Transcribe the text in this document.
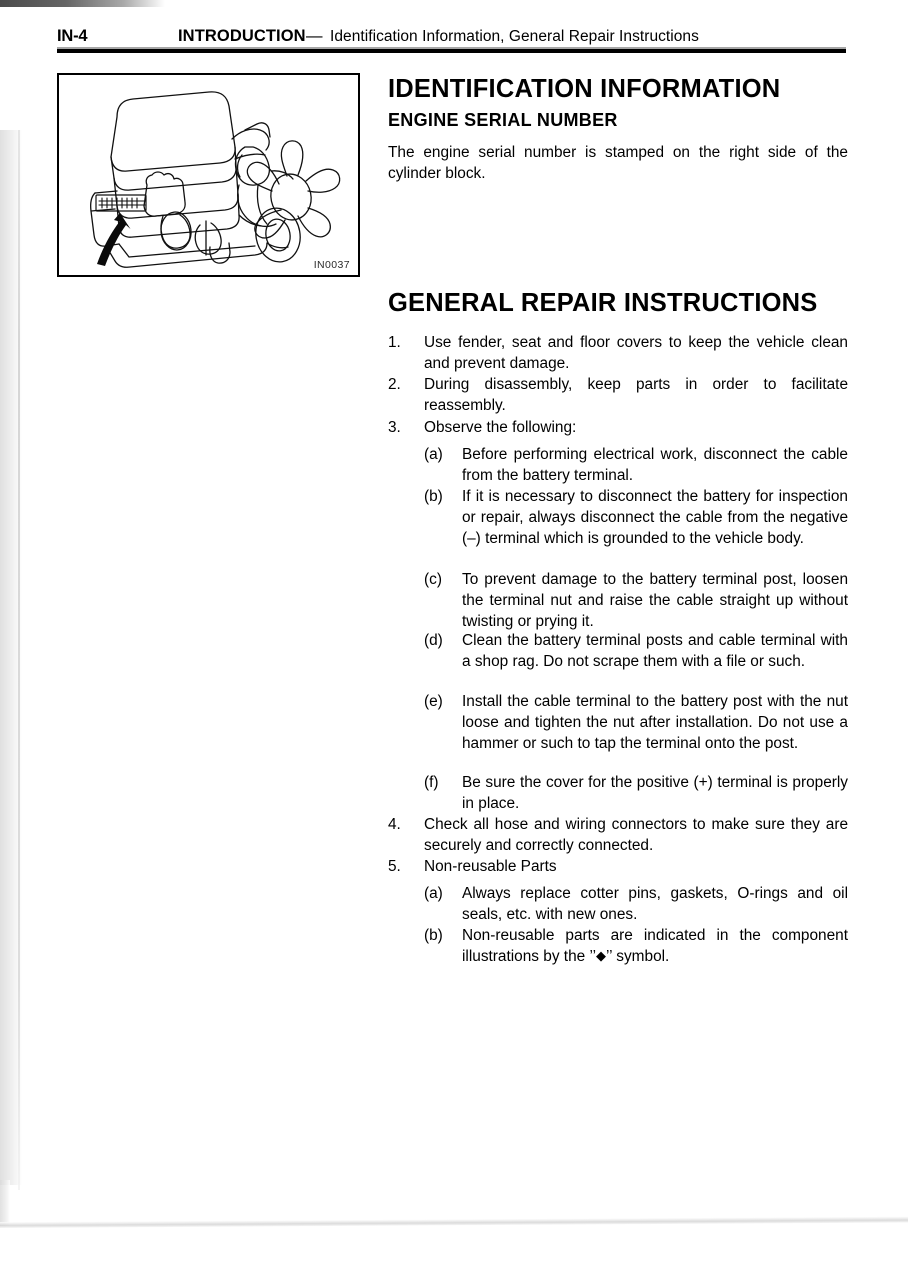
IN-4	INTRODUCTION — Identification Information, General Repair Instructions
IN0037
IDENTIFICATION INFORMATION
ENGINE SERIAL NUMBER

The engine serial number is stamped on the right side of the cylinder block.

GENERAL REPAIR INSTRUCTIONS
1.	Use fender, seat and floor covers to keep the vehicle clean and prevent damage.
2.	During disassembly, keep parts in order to facilitate reassembly.
3.	Observe the following:
(a)	Before performing electrical work, disconnect the cable from the battery terminal.
(b)	If it is necessary to disconnect the battery for inspection or repair, always disconnect the cable from the negative (–) terminal which is grounded to the vehicle body.
(c)	To prevent damage to the battery terminal post, loosen the terminal nut and raise the cable straight up without twisting or prying it.
(d)	Clean the battery terminal posts and cable terminal with a shop rag. Do not scrape them with a file or such.
(e)	Install the cable terminal to the battery post with the nut loose and tighten the nut after installation. Do not use a hammer or such to tap the terminal onto the post.
(f)	Be sure the cover for the positive (+) terminal is properly in place.
4.	Check all hose and wiring connectors to make sure they are securely and correctly connected.
5.	Non-reusable Parts
(a)	Always replace cotter pins, gaskets, O-rings and oil seals, etc. with new ones.
(b)	Non-reusable parts are indicated in the component illustrations by the ’’◆’’ symbol.
